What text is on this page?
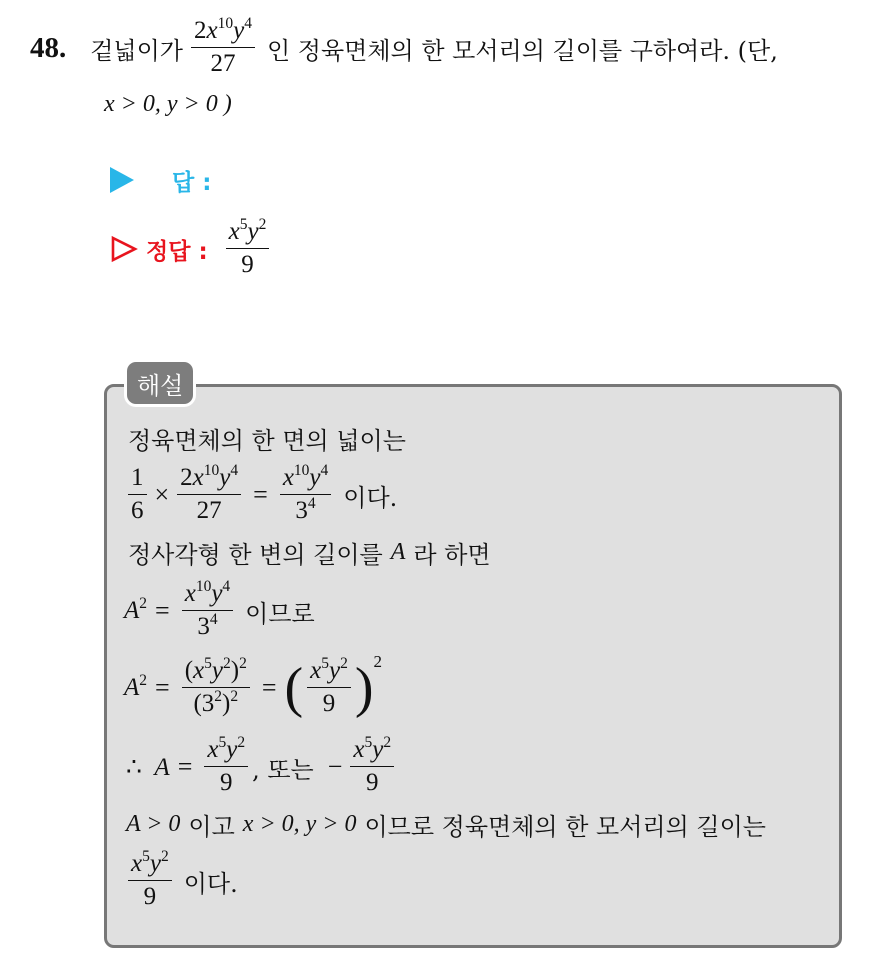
48. 겉넓이가 $\frac{2x^{10}y^4}{27}$ 인 정육면체의 한 모서리의 길이를 구하여라. (단,
x > 0, y > 0 )
답 :
정답 : $\frac{x^5y^2}{9}$
해설
정육면체의 한 면의 넓이는
$\frac{1}{6} \times \frac{2x^{10}y^4}{27} = \frac{x^{10}y^4}{3^4}$ 이다.
정사각형 한 변의 길이를 A 라 하면
$A^2 = \frac{x^{10}y^4}{3^4}$ 이므로
$A^2 = \frac{(x^5y^2)^2}{(3^2)^2}$ = ( $\frac{x^5y^2}{9}$ ) 2
∴  $A = \frac{x^5y^2}{9}$ , 또는 − $\frac{x^5y^2}{9}$
A > 0 이고 x > 0, y > 0 이므로 정육면체의 한 모서리의 길이는
$\frac{x^5y^2}{9}$ 이다.
